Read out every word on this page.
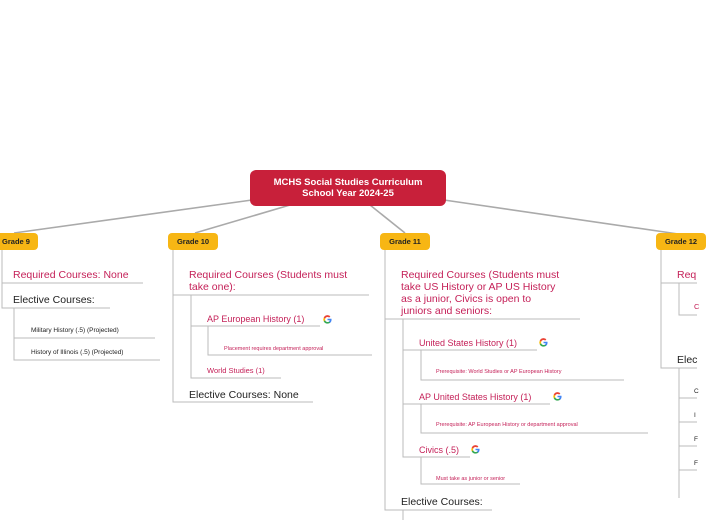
MCHS Social Studies Curriculum
School Year 2024-25
Grade 9	Grade 10	Grade 11	Grade 12
Required Courses: None
Elective Courses:
Military History (.5) (Projected)
History of Illinois (.5) (Projected)
Required Courses (Students must
take one):
AP European History (1)
Placement requires department approval
World Studies (1)
Elective Courses: None
Required Courses (Students must
take US History or AP US History
as a junior, Civics is open to
juniors and seniors:
United States History (1)
Prerequisite: World Studies or AP European History
AP United States History (1)
Prerequisite: AP European History or department approval
Civics (.5)
Must take as junior or senior
Elective Courses:
Req
C
Elec
C
I
F
F
